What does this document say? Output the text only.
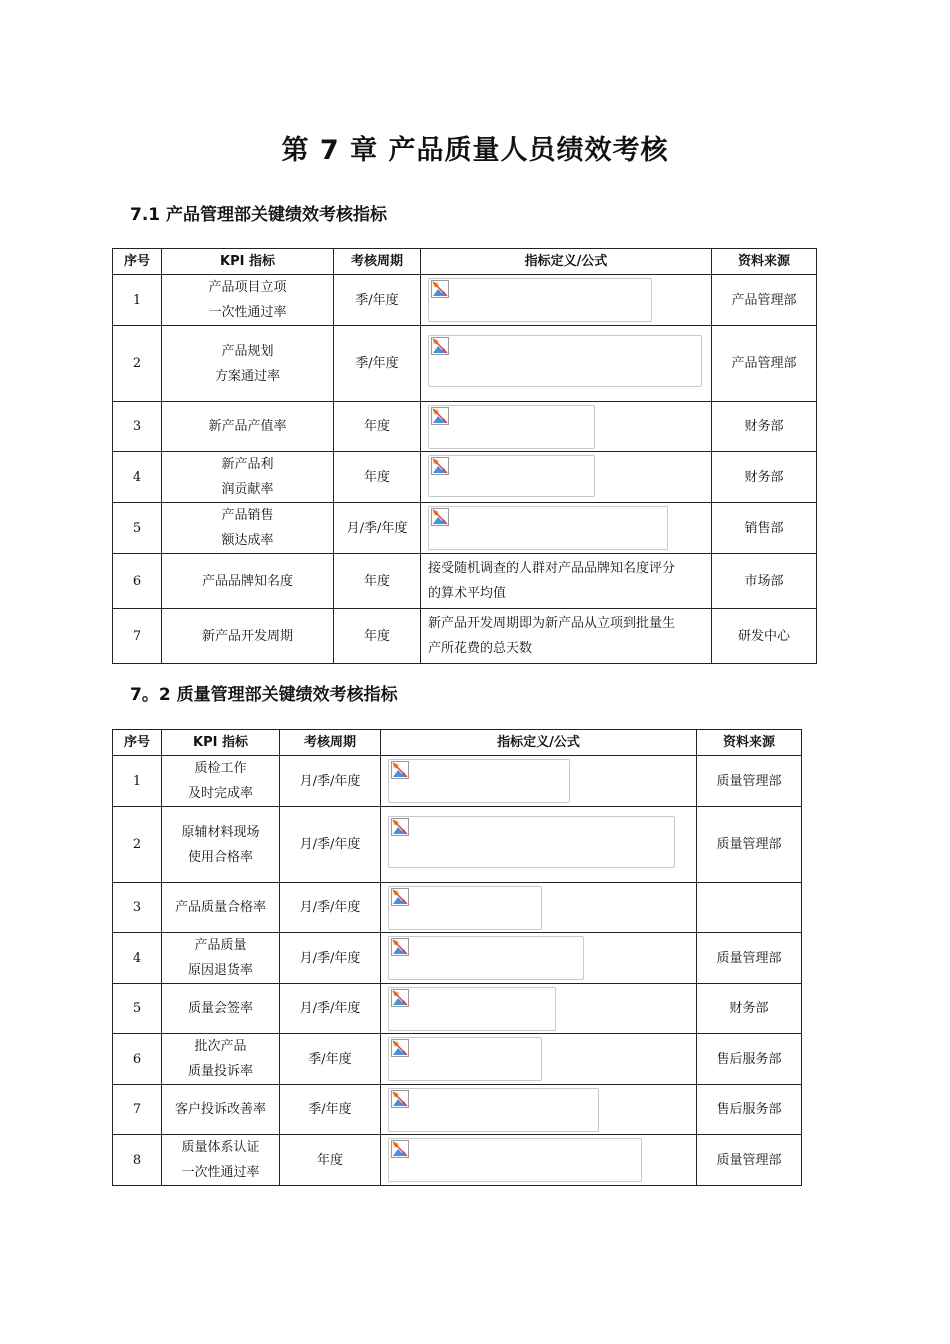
第 7 章 产品质量人员绩效考核
7.1 产品管理部关键绩效考核指标
序号	KPI 指标	考核周期	指标定义/公式	资料来源
1	产品项目立项
一次性通过率	季/年度		产品管理部
2	产品规划
方案通过率	季/年度		产品管理部
3	新产品产值率	年度		财务部
4	新产品利
润贡献率	年度		财务部
5	产品销售
额达成率	月/季/年度		销售部
6	产品品牌知名度	年度	接受随机调查的人群对产品品牌知名度评分
的算术平均值	市场部
7	新产品开发周期	年度	新产品开发周期即为新产品从立项到批量生
产所花费的总天数	研发中心
7。2 质量管理部关键绩效考核指标
序号	KPI 指标	考核周期	指标定义/公式	资料来源
1	质检工作
及时完成率	月/季/年度		质量管理部
2	原辅材料现场
使用合格率	月/季/年度		质量管理部
3	产品质量合格率	月/季/年度	

4	产品质量
原因退货率	月/季/年度		质量管理部
5	质量会签率	月/季/年度		财务部
6	批次产品
质量投诉率	季/年度		售后服务部
7	客户投诉改善率	季/年度		售后服务部
8	质量体系认证
一次性通过率	年度		质量管理部
